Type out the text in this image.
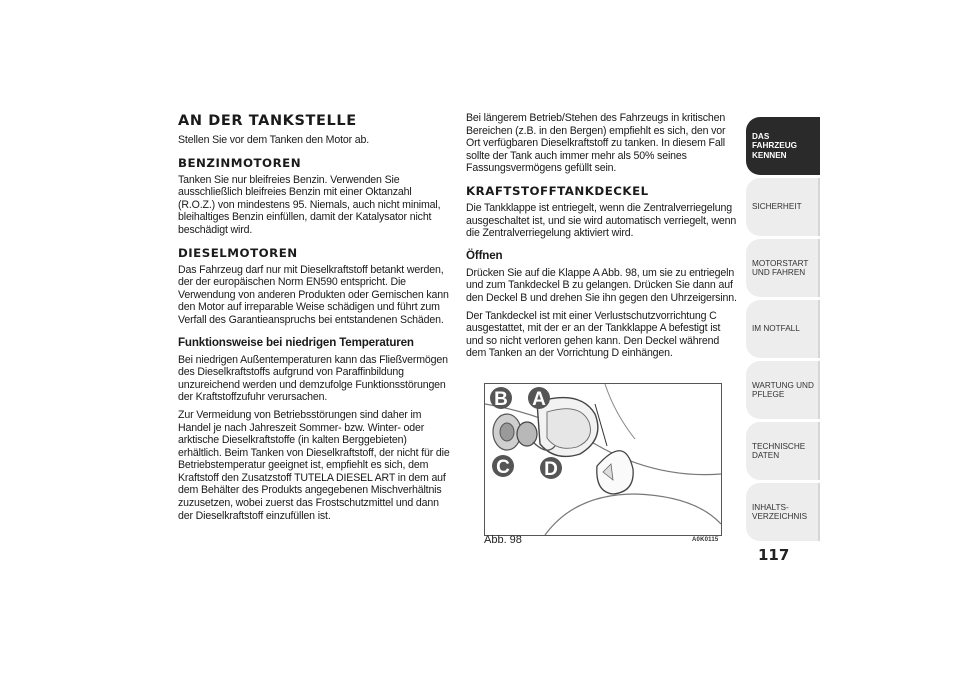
AN DER TANKSTELLE

Stellen Sie vor dem Tanken den Motor ab.

BENZINMOTOREN

Tanken Sie nur bleifreies Benzin. Verwenden Sie ausschließlich bleifreies Benzin mit einer Oktanzahl (R.O.Z.) von mindestens 95. Niemals, auch nicht minimal, bleihaltiges Benzin einfüllen, damit der Katalysator nicht beschädigt wird.

DIESELMOTOREN

Das Fahrzeug darf nur mit Dieselkraftstoff betankt werden, der der europäischen Norm EN590 entspricht. Die Verwendung von anderen Produkten oder Gemischen kann den Motor auf irreparable Weise schädigen und führt zum Verfall des Garantieanspruchs bei entstandenen Schäden.

Funktionsweise bei niedrigen Temperaturen

Bei niedrigen Außentemperaturen kann das Fließvermögen des Dieselkraftstoffs aufgrund von Paraffinbildung unzureichend werden und demzufolge Funktionsstörungen der Kraftstoffzufuhr verursachen.

Zur Vermeidung von Betriebsstörungen sind daher im Handel je nach Jahreszeit Sommer- bzw. Winter- oder arktische Dieselkraftstoffe (in kalten Berggebieten) erhältlich. Beim Tanken von Dieselkraftstoff, der nicht für die Betriebstemperatur geeignet ist, empfiehlt es sich, dem Kraftstoff den Zusatzstoff TUTELA DIESEL ART in dem auf dem Behälter des Produkts angegebenen Mischverhältnis zuzusetzen, wobei zuerst das Frostschutzmittel und dann der Dieselkraftstoff einzufüllen ist.

Bei längerem Betrieb/Stehen des Fahrzeugs in kritischen Bereichen (z.B. in den Bergen) empfiehlt es sich, den vor Ort verfügbaren Dieselkraftstoff zu tanken. In diesem Fall sollte der Tank auch immer mehr als 50% seines Fassungsvermögens gefüllt sein.

KRAFTSTOFFTANKDECKEL

Die Tankklappe ist entriegelt, wenn die Zentralverriegelung ausgeschaltet ist, und sie wird automatisch verriegelt, wenn die Zentralverriegelung aktiviert wird.

Öffnen

Drücken Sie auf die Klappe A Abb. 98, um sie zu entriegeln und zum Tankdeckel B zu gelangen. Drücken Sie dann auf den Deckel B und drehen Sie ihn gegen den Uhrzeigersinn.

Der Tankdeckel ist mit einer Verlustschutzvorrichtung C ausgestattet, mit der er an der Tankklappe A befestigt ist und so nicht verloren gehen kann. Den Deckel während dem Tanken an der Vorrichtung D einhängen.

B A
C D
Abb. 98	A0K0115
DAS FAHRZEUG KENNEN
SICHERHEIT
MOTORSTART UND FAHREN
IM NOTFALL
WARTUNG UND PFLEGE
TECHNISCHE DATEN
INHALTS-
VERZEICHNIS
117
